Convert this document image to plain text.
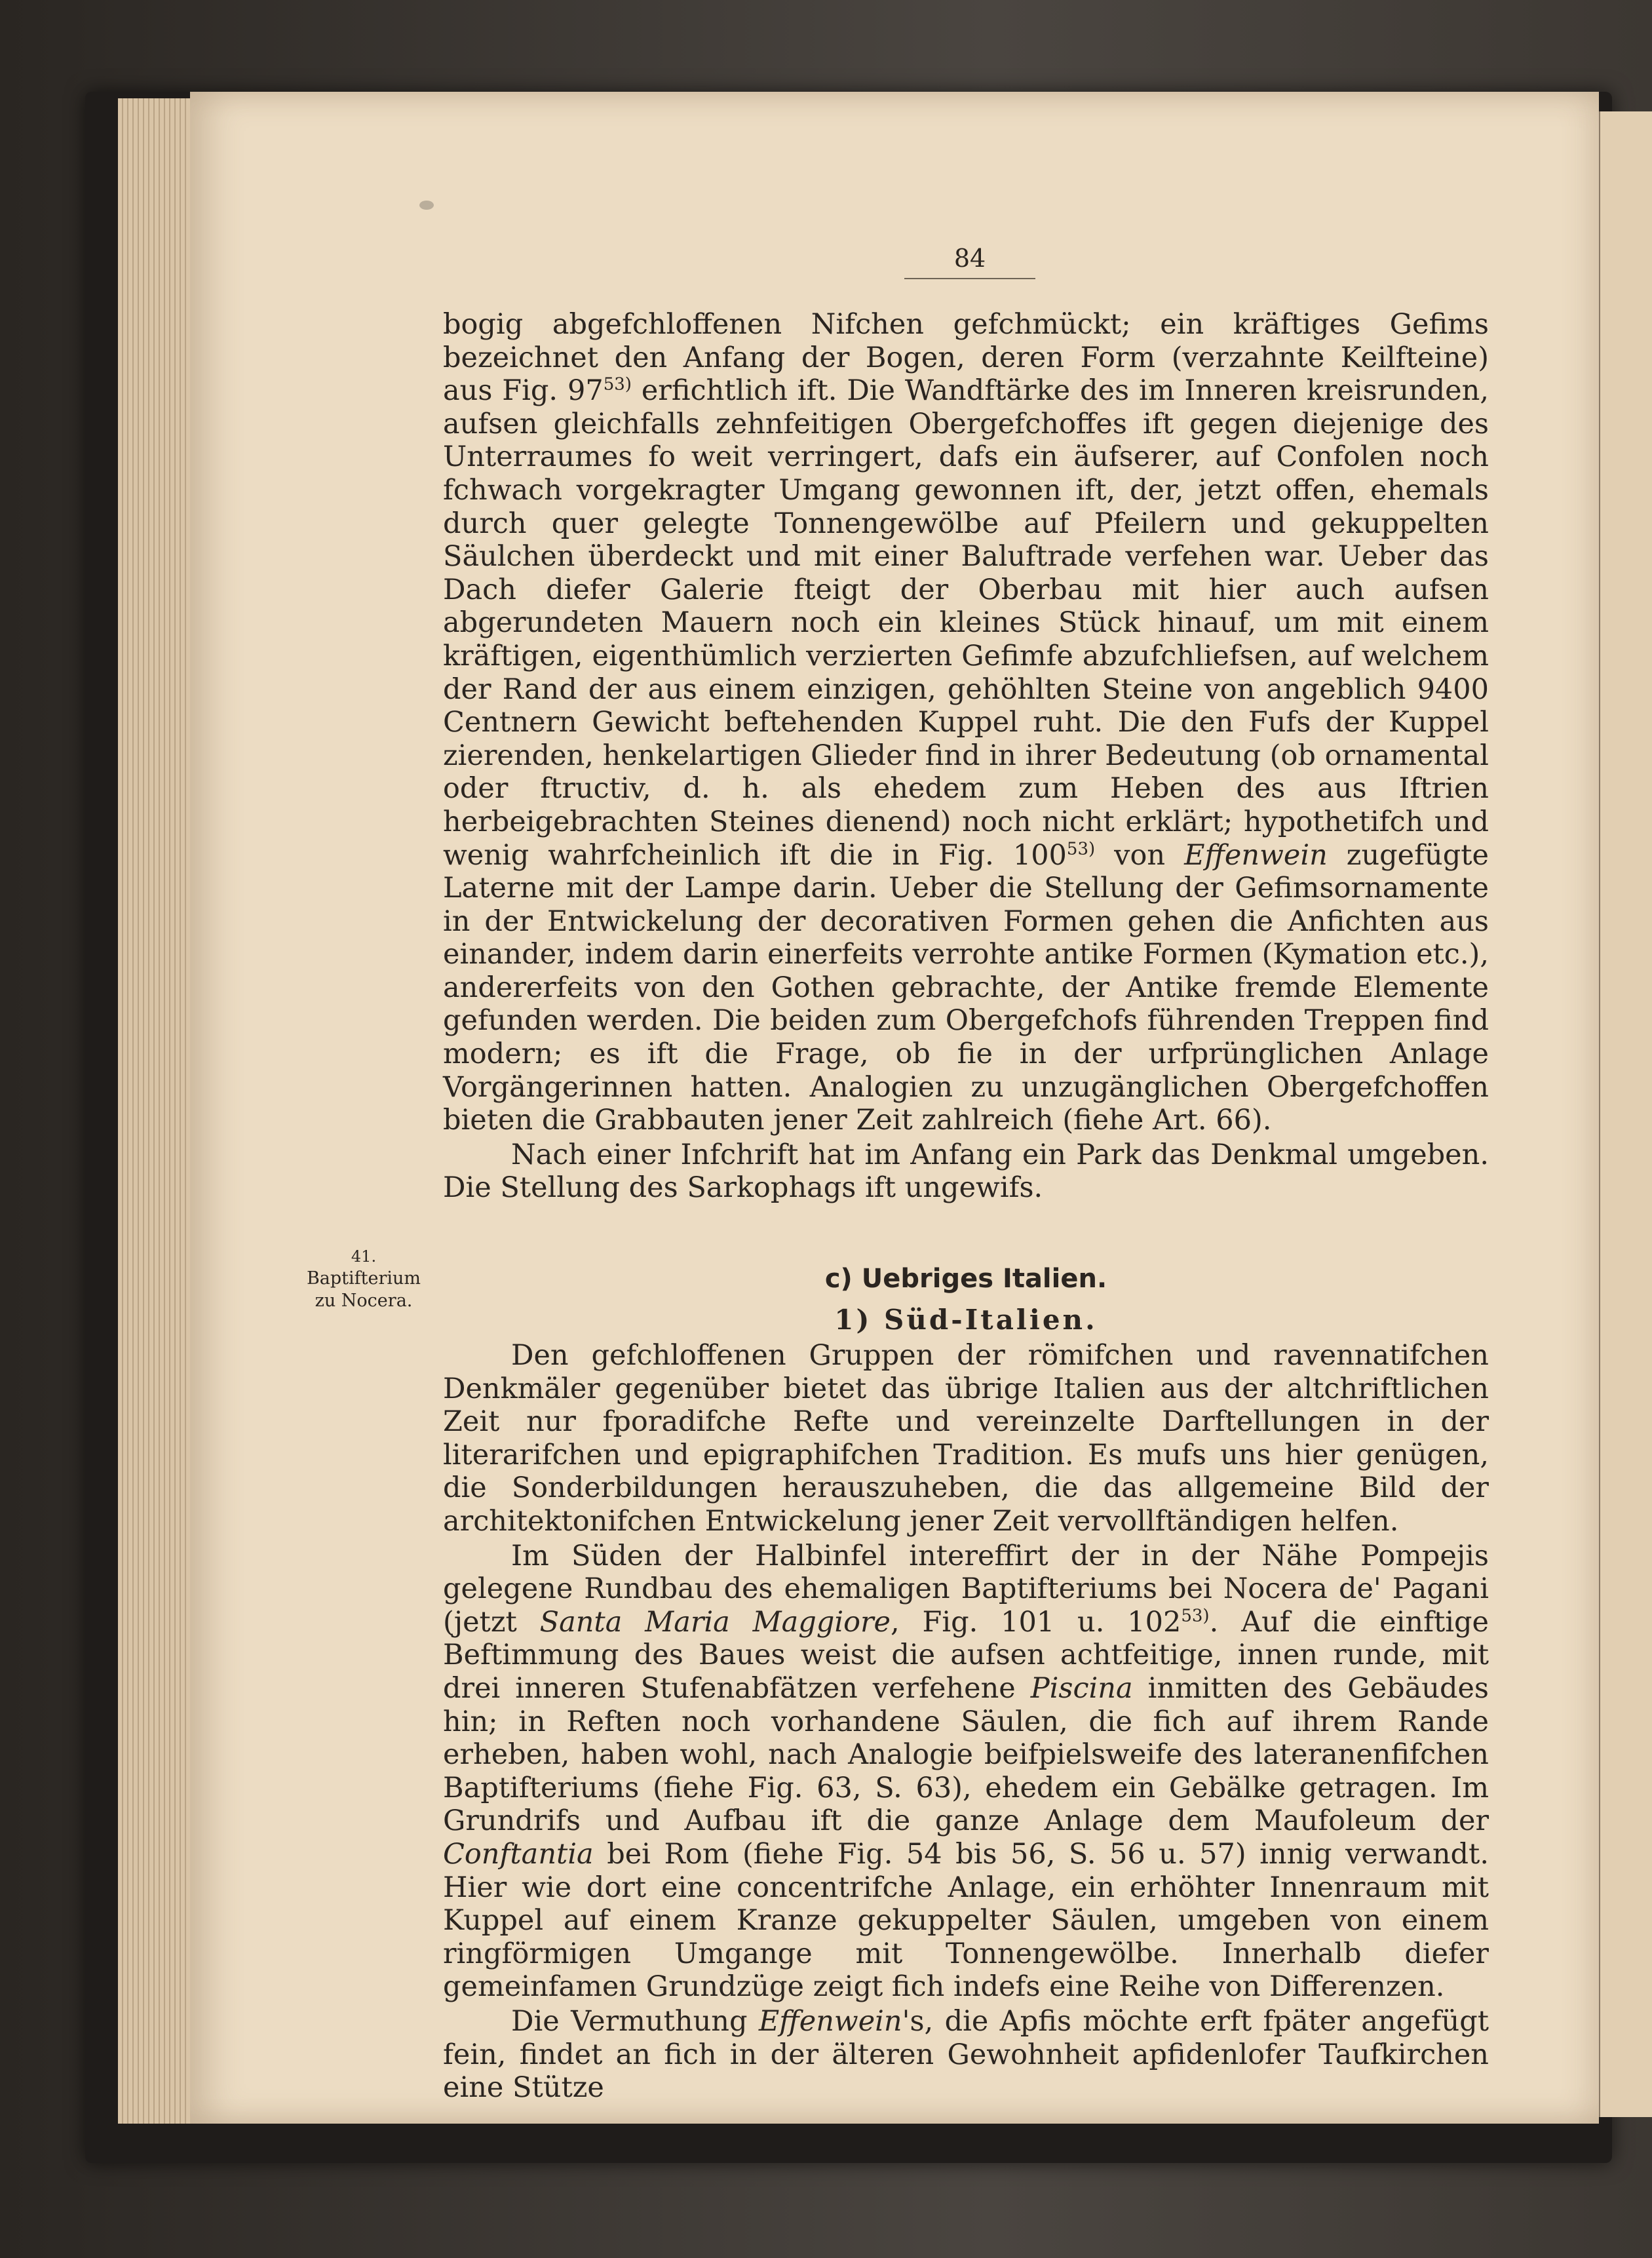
84
41.
Baptifterium
zu Nocera.

bogig abgefchloffenen Nifchen gefchmückt; ein kräftiges Gefims bezeichnet den Anfang der Bogen, deren Form (verzahnte Keilfteine) aus Fig. 97$^{53)}$ erfichtlich ift. Die Wandftärke des im Inneren kreisrunden, aufsen gleichfalls zehnfeitigen Obergefchoffes ift gegen diejenige des Unterraumes fo weit verringert, dafs ein äufserer, auf Confolen noch fchwach vorgekragter Umgang gewonnen ift, der, jetzt offen, ehemals durch quer gelegte Tonnengewölbe auf Pfeilern und gekuppelten Säulchen überdeckt und mit einer Baluftrade verfehen war. Ueber das Dach diefer Galerie fteigt der Oberbau mit hier auch aufsen abgerundeten Mauern noch ein kleines Stück hinauf, um mit einem kräftigen, eigenthümlich verzierten Gefimfe abzufchliefsen, auf welchem der Rand der aus einem einzigen, gehöhlten Steine von angeblich 9400 Centnern Gewicht beftehenden Kuppel ruht. Die den Fufs der Kuppel zierenden, henkelartigen Glieder find in ihrer Bedeutung (ob ornamental oder ftructiv, d. h. als ehedem zum Heben des aus Iftrien herbeigebrachten Steines dienend) noch nicht erklärt; hypothetifch und wenig wahrfcheinlich ift die in Fig. 100$^{53)}$ von Effenwein zugefügte Laterne mit der Lampe darin. Ueber die Stellung der Gefimsornamente in der Entwickelung der decorativen Formen gehen die Anfichten aus einander, indem darin einerfeits verrohte antike Formen (Kymation etc.), andererfeits von den Gothen gebrachte, der Antike fremde Elemente gefunden werden. Die beiden zum Obergefchofs führenden Treppen find modern; es ift die Frage, ob fie in der urfprünglichen Anlage Vorgängerinnen hatten. Analogien zu unzugänglichen Obergefchoffen bieten die Grabbauten jener Zeit zahlreich (fiehe Art. 66).

Nach einer Infchrift hat im Anfang ein Park das Denkmal umgeben. Die Stellung des Sarkophags ift ungewifs.

c) Uebriges Italien.
1) Süd-Italien.

Den gefchloffenen Gruppen der römifchen und ravennatifchen Denkmäler gegenüber bietet das übrige Italien aus der altchriftlichen Zeit nur fporadifche Refte und vereinzelte Darftellungen in der literarifchen und epigraphifchen Tradition. Es mufs uns hier genügen, die Sonderbildungen herauszuheben, die das allgemeine Bild der architektonifchen Entwickelung jener Zeit vervollftändigen helfen.

Im Süden der Halbinfel intereffirt der in der Nähe Pompejis gelegene Rundbau des ehemaligen Baptifteriums bei Nocera de' Pagani (jetzt Santa Maria Maggiore, Fig. 101 u. 102$^{53)}$. Auf die einftige Beftimmung des Baues weist die aufsen achtfeitige, innen runde, mit drei inneren Stufenabfätzen verfehene Piscina inmitten des Gebäudes hin; in Reften noch vorhandene Säulen, die fich auf ihrem Rande erheben, haben wohl, nach Analogie beifpielsweife des lateranenfifchen Baptifteriums (fiehe Fig. 63, S. 63), ehedem ein Gebälke getragen. Im Grundrifs und Aufbau ift die ganze Anlage dem Maufoleum der Conftantia bei Rom (fiehe Fig. 54 bis 56, S. 56 u. 57) innig verwandt. Hier wie dort eine concentrifche Anlage, ein erhöhter Innenraum mit Kuppel auf einem Kranze gekuppelter Säulen, umgeben von einem ringförmigen Umgange mit Tonnengewölbe. Innerhalb diefer gemeinfamen Grundzüge zeigt fich indefs eine Reihe von Differenzen.

Die Vermuthung Effenwein's, die Apfis möchte erft fpäter angefügt fein, findet an fich in der älteren Gewohnheit apfidenlofer Taufkirchen eine Stütze
